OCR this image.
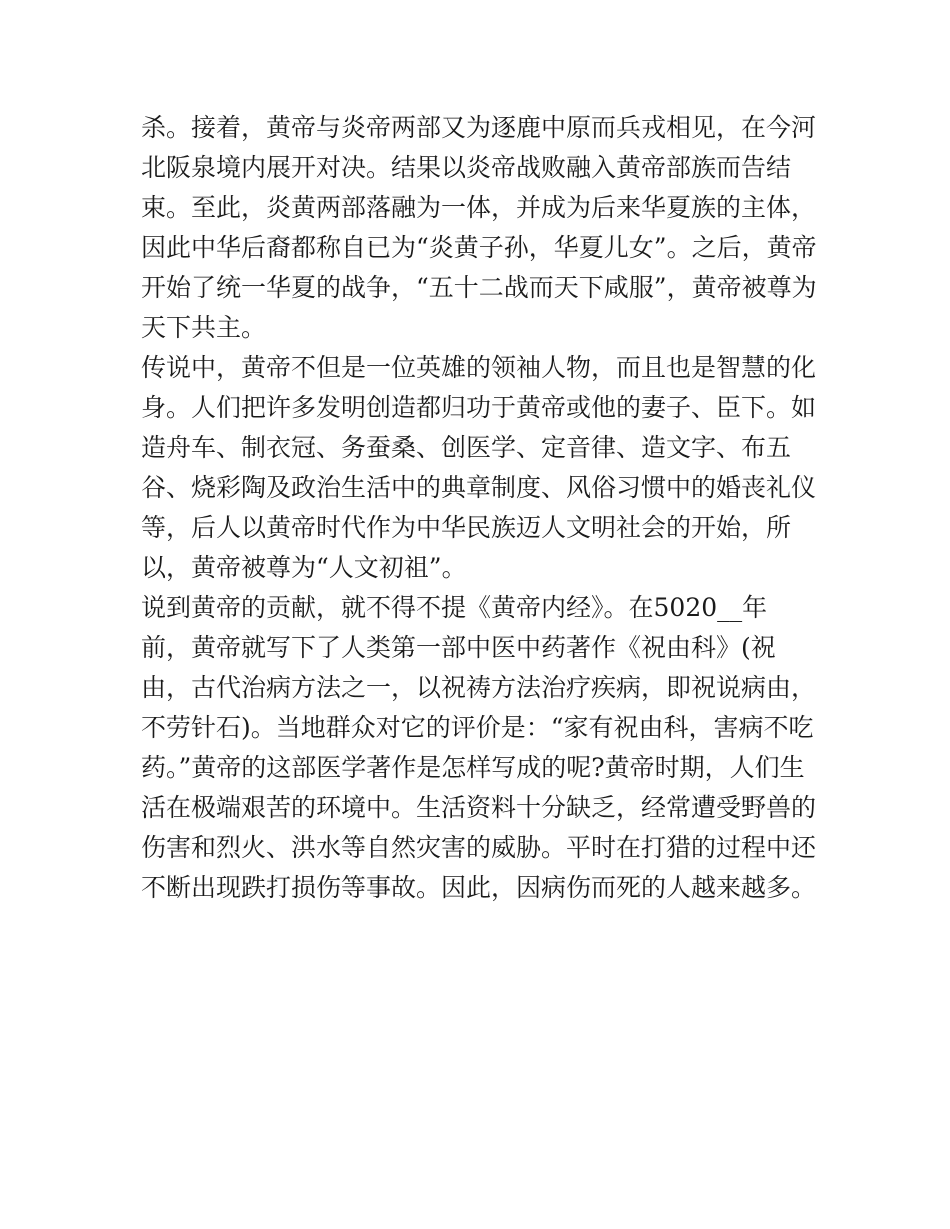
杀。接着，黄帝与炎帝两部又为逐鹿中原而兵戎相见，在今河

北阪泉境内展开对决。结果以炎帝战败融入黄帝部族而告结

束。至此，炎黄两部落融为一体，并成为后来华夏族的主体，

因此中华后裔都称自已为“炎黄子孙，华夏儿女”。之后，黄帝

开始了统一华夏的战争，“五十二战而天下咸服”，黄帝被尊为

天下共主。

传说中，黄帝不但是一位英雄的领袖人物，而且也是智慧的化

身。人们把许多发明创造都归功于黄帝或他的妻子、臣下。如

造舟车、制衣冠、务蚕桑、创医学、定音律、造文字、布五

谷、烧彩陶及政治生活中的典章制度、风俗习惯中的婚丧礼仪

等，后人以黄帝时代作为中华民族迈人文明社会的开始，所

以，黄帝被尊为“人文初祖”。

说到黄帝的贡献，就不得不提《黄帝内经》。在5020__年

前，黄帝就写下了人类第一部中医中药著作《祝由科》(祝

由，古代治病方法之一，以祝祷方法治疗疾病，即祝说病由，

不劳针石)。当地群众对它的评价是：“家有祝由科，害病不吃

药。”黄帝的这部医学著作是怎样写成的呢?黄帝时期，人们生

活在极端艰苦的环境中。生活资料十分缺乏，经常遭受野兽的

伤害和烈火、洪水等自然灾害的威胁。平时在打猎的过程中还

不断出现跌打损伤等事故。因此，因病伤而死的人越来越多。
